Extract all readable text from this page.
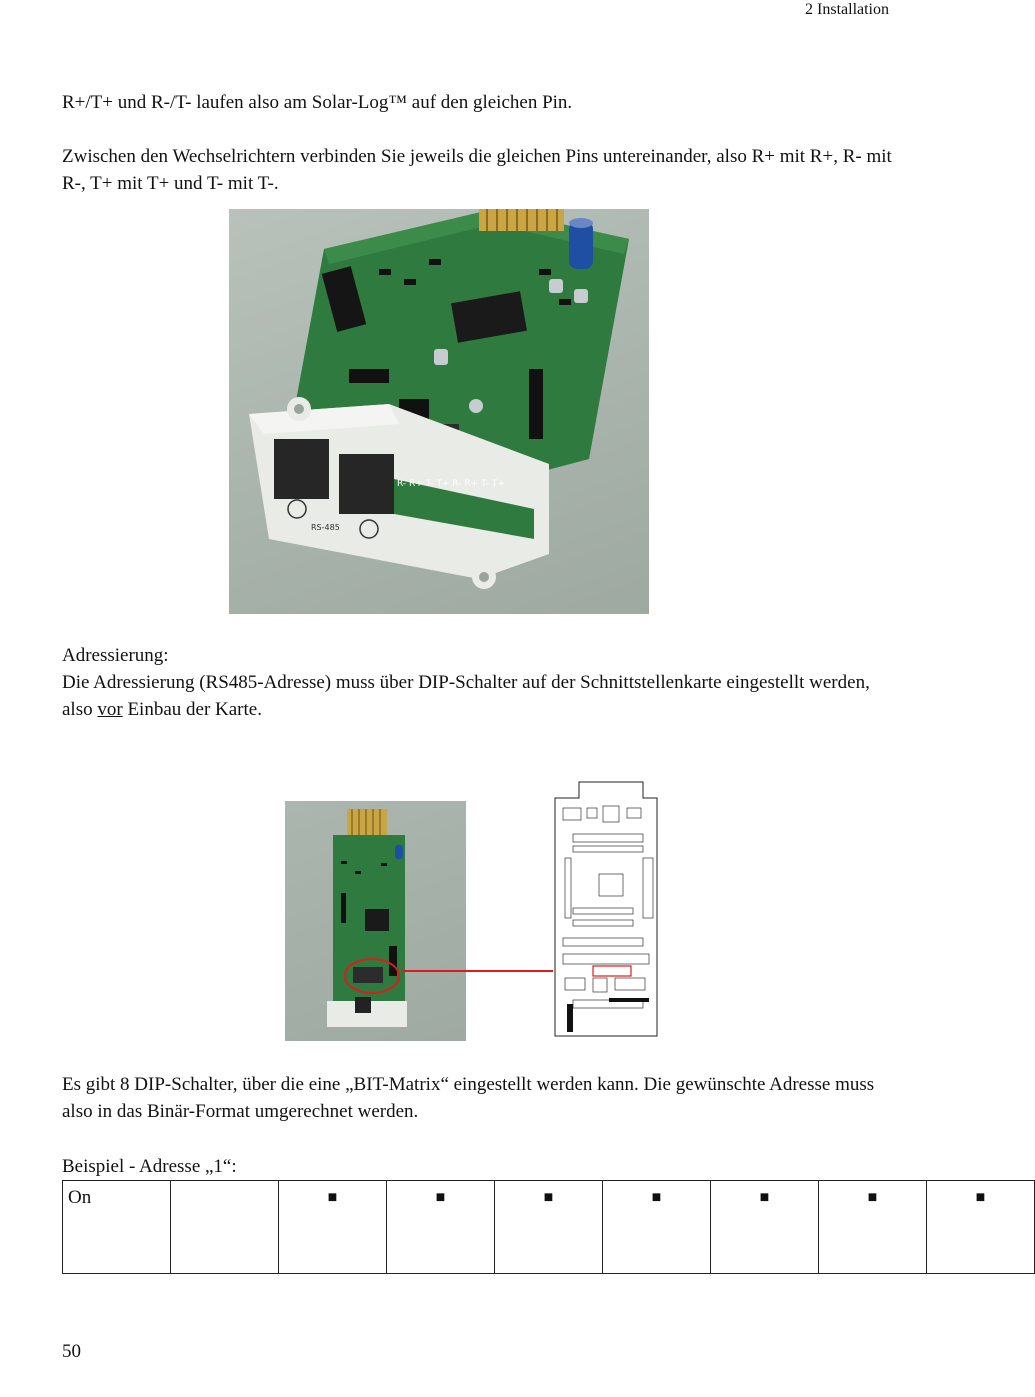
2 Installation
R+/T+ und R-/T- laufen also am Solar-Log™ auf den gleichen Pin.
Zwischen den Wechselrichtern verbinden Sie jeweils die gleichen Pins untereinander, also R+ mit R+, R- mit R-, T+ mit T+ und T- mit T-.
R- R+ T- T+ R- R+ T- T+
RS-485
Adressierung:
Die Adressierung (RS485-Adresse) muss über DIP-Schalter auf der Schnittstellenkarte eingestellt werden, also vor Einbau der Karte.
Es gibt 8 DIP-Schalter, über die eine „BIT-Matrix“ eingestellt werden kann. Die gewünschte Adresse muss also in das Binär-Format umgerechnet werden.
Beispiel - Adresse „1“:
On		■	■	■	■	■	■	■
50
